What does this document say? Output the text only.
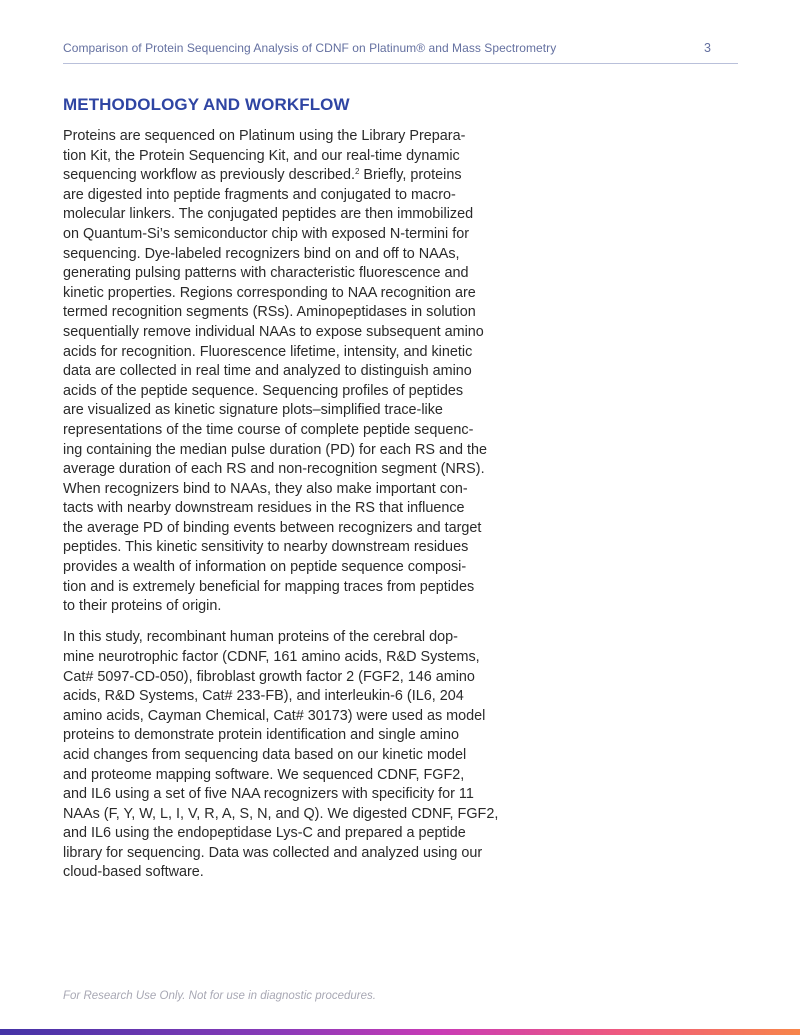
Comparison of Protein Sequencing Analysis of CDNF on Platinum® and Mass Spectrometry	3
METHODOLOGY AND WORKFLOW

Proteins are sequenced on Platinum using the Library Prepara-
tion Kit, the Protein Sequencing Kit, and our real-time dynamic
sequencing workflow as previously described.$^2$ Briefly, proteins
are digested into peptide fragments and conjugated to macro-
molecular linkers. The conjugated peptides are then immobilized
on Quantum-Si’s semiconductor chip with exposed N-termini for
sequencing. Dye-labeled recognizers bind on and off to NAAs,
generating pulsing patterns with characteristic fluorescence and
kinetic properties. Regions corresponding to NAA recognition are
termed recognition segments (RSs). Aminopeptidases in solution
sequentially remove individual NAAs to expose subsequent amino
acids for recognition. Fluorescence lifetime, intensity, and kinetic
data are collected in real time and analyzed to distinguish amino
acids of the peptide sequence. Sequencing profiles of peptides
are visualized as kinetic signature plots–simplified trace-like
representations of the time course of complete peptide sequenc-
ing containing the median pulse duration (PD) for each RS and the
average duration of each RS and non-recognition segment (NRS).
When recognizers bind to NAAs, they also make important con-
tacts with nearby downstream residues in the RS that influence
the average PD of binding events between recognizers and target
peptides. This kinetic sensitivity to nearby downstream residues
provides a wealth of information on peptide sequence composi-
tion and is extremely beneficial for mapping traces from peptides
to their proteins of origin.

In this study, recombinant human proteins of the cerebral dop-
mine neurotrophic factor (CDNF, 161 amino acids, R&D Systems,
Cat# 5097-CD-050), fibroblast growth factor 2 (FGF2, 146 amino
acids, R&D Systems, Cat# 233-FB), and interleukin-6 (IL6, 204
amino acids, Cayman Chemical, Cat# 30173) were used as model
proteins to demonstrate protein identification and single amino
acid changes from sequencing data based on our kinetic model
and proteome mapping software. We sequenced CDNF, FGF2,
and IL6 using a set of five NAA recognizers with specificity for 11
NAAs (F, Y, W, L, I, V, R, A, S, N, and Q). We digested CDNF, FGF2,
and IL6 using the endopeptidase Lys-C and prepared a peptide
library for sequencing. Data was collected and analyzed using our
cloud-based software.

For Research Use Only. Not for use in diagnostic procedures.
